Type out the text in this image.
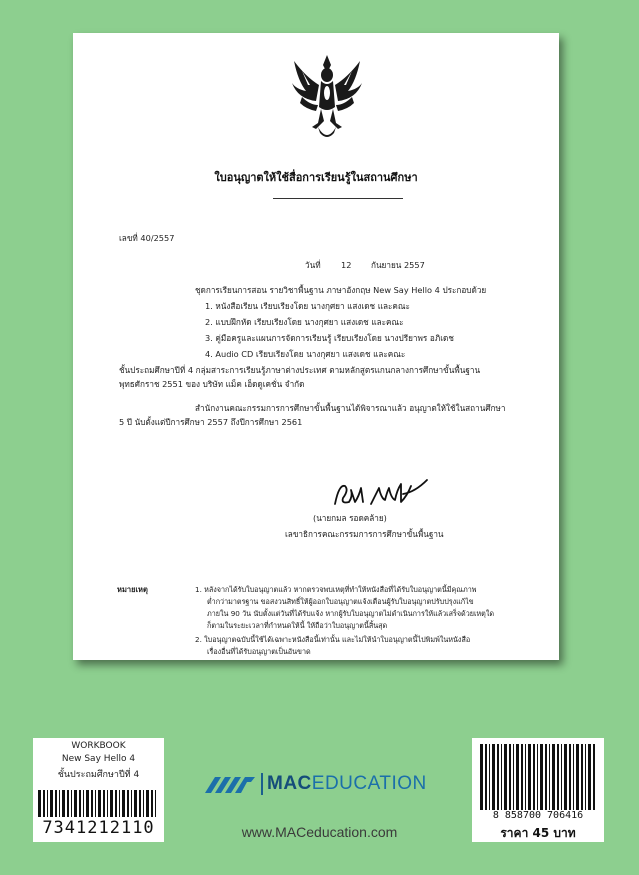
ใบอนุญาตให้ใช้สื่อการเรียนรู้ในสถานศึกษา
เลขที่ 40/2557
วันที่ 12 กันยายน 2557
ชุดการเรียนการสอน รายวิชาพื้นฐาน ภาษาอังกฤษ New Say Hello 4 ประกอบด้วย
1. หนังสือเรียน เรียบเรียงโดย นางกุศยา แสงเดช และคณะ
2. แบบฝึกหัด เรียบเรียงโดย นางกุศยา แสงเดช และคณะ
3. คู่มือครูและแผนการจัดการเรียนรู้ เรียบเรียงโดย นางปรียาพร อภิเดช
4. Audio CD เรียบเรียงโดย นางกุศยา แสงเดช และคณะ
ชั้นประถมศึกษาปีที่ 4 กลุ่มสาระการเรียนรู้ภาษาต่างประเทศ ตามหลักสูตรแกนกลางการศึกษาขั้นพื้นฐาน
พุทธศักราช 2551 ของ บริษัท แม็ค เอ็ดดูเคชั่น จำกัด
สำนักงานคณะกรรมการการศึกษาขั้นพื้นฐานได้พิจารณาแล้ว อนุญาตให้ใช้ในสถานศึกษา
5 ปี นับตั้งแต่ปีการศึกษา 2557 ถึงปีการศึกษา 2561
(นายกมล รอดคล้าย)
เลขาธิการคณะกรรมการการศึกษาขั้นพื้นฐาน
หมายเหตุ	1. หลังจากได้รับใบอนุญาตแล้ว หากตรวจพบเหตุที่ทำให้หนังสือที่ได้รับใบอนุญาตนี้มีคุณภาพ
ต่ำกว่ามาตรฐาน ขอสงวนสิทธิ์ให้ผู้ออกใบอนุญาตแจ้งเตือนผู้รับใบอนุญาตปรับปรุงแก้ไข
ภายใน 90 วัน นับตั้งแต่วันที่ได้รับแจ้ง หากผู้รับใบอนุญาตไม่ดำเนินการให้แล้วเสร็จด้วยเหตุใด
ก็ตามในระยะเวลาที่กำหนดให้นี้ ให้ถือว่าใบอนุญาตนี้สิ้นสุด
2. ใบอนุญาตฉบับนี้ใช้ได้เฉพาะหนังสือนี้เท่านั้น และไม่ให้นำใบอนุญาตนี้ไปพิมพ์ในหนังสือ
เรื่องอื่นที่ได้รับอนุญาตเป็นอันขาด
WORKBOOK
New Say Hello 4
ชั้นประถมศึกษาปีที่ 4
7341212110
MACEDUCATION
www.MACeducation.com
8 858700 706416
ราคา 45 บาท
